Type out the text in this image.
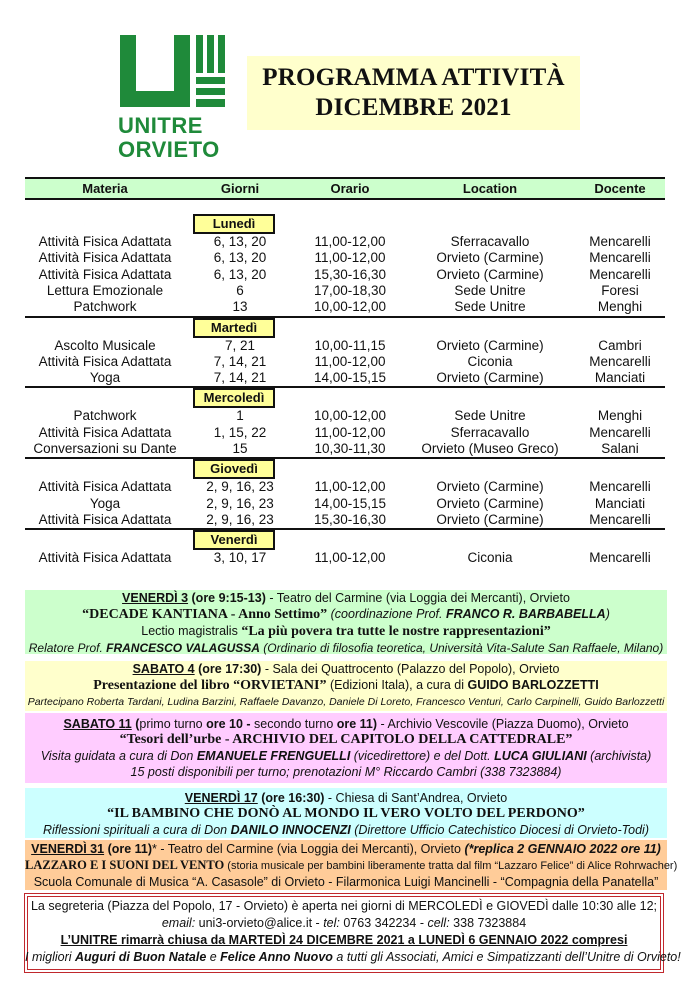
UNITRE
ORVIETO
PROGRAMMA ATTIVITÀ
DICEMBRE 2021
Materia	Giorni	Orario	Location	Docente
Lunedì
Attività Fisica Adattata	6, 13, 20	11,00-12,00	Sferracavallo	Mencarelli
Attività Fisica Adattata	6, 13, 20	11,00-12,00	Orvieto (Carmine)	Mencarelli
Attività Fisica Adattata	6, 13, 20	15,30-16,30	Orvieto (Carmine)	Mencarelli
Lettura Emozionale	6	17,00-18,30	Sede Unitre	Foresi
Patchwork	13	10,00-12,00	Sede Unitre	Menghi
Martedì
Ascolto Musicale	7, 21	10,00-11,15	Orvieto (Carmine)	Cambri
Attività Fisica Adattata	7, 14, 21	11,00-12,00	Ciconia	Mencarelli
Yoga	7, 14, 21	14,00-15,15	Orvieto (Carmine)	Manciati
Mercoledì
Patchwork	1	10,00-12,00	Sede Unitre	Menghi
Attività Fisica Adattata	1, 15, 22	11,00-12,00	Sferracavallo	Mencarelli
Conversazioni su Dante	15	10,30-11,30	Orvieto (Museo Greco)	Salani
Giovedì
Attività Fisica Adattata	2, 9, 16, 23	11,00-12,00	Orvieto (Carmine)	Mencarelli
Yoga	2, 9, 16, 23	14,00-15,15	Orvieto (Carmine)	Manciati
Attività Fisica Adattata	2, 9, 16, 23	15,30-16,30	Orvieto (Carmine)	Mencarelli
Venerdì
Attività Fisica Adattata	3, 10, 17	11,00-12,00	Ciconia	Mencarelli
VENERDÌ 3 (ore 9:15-13) - Teatro del Carmine (via Loggia dei Mercanti), Orvieto
“DECADE KANTIANA - Anno Settimo” (coordinazione Prof. FRANCO R. BARBABELLA)
Lectio magistralis “La più povera tra tutte le nostre rappresentazioni”
Relatore Prof. FRANCESCO VALAGUSSA (Ordinario di filosofia teoretica, Università Vita-Salute San Raffaele, Milano)
SABATO 4 (ore 17:30) - Sala dei Quattrocento (Palazzo del Popolo), Orvieto
Presentazione del libro “ORVIETANI” (Edizioni Itala), a cura di GUIDO BARLOZZETTI
Partecipano Roberta Tardani, Ludina Barzini, Raffaele Davanzo, Daniele Di Loreto, Francesco Venturi, Carlo Carpinelli, Guido Barlozzetti
SABATO 11 (primo turno ore 10 - secondo turno ore 11) - Archivio Vescovile (Piazza Duomo), Orvieto
“Tesori dell’urbe - ARCHIVIO DEL CAPITOLO DELLA CATTEDRALE”
Visita guidata a cura di Don EMANUELE FRENGUELLI (vicedirettore) e del Dott. LUCA GIULIANI (archivista)
15 posti disponibili per turno; prenotazioni M° Riccardo Cambri (338 7323884)
VENERDÌ 17 (ore 16:30) - Chiesa di Sant’Andrea, Orvieto
“IL BAMBINO CHE DONÒ AL MONDO IL VERO VOLTO DEL PERDONO”
Riflessioni spirituali a cura di Don DANILO INNOCENZI (Direttore Ufficio Catechistico Diocesi di Orvieto-Todi)
VENERDÌ 31 (ore 11)* - Teatro del Carmine (via Loggia dei Mercanti), Orvieto (*replica 2 GENNAIO 2022 ore 11)
LAZZARO E I SUONI DEL VENTO (storia musicale per bambini liberamente tratta dal film “Lazzaro Felice” di Alice Rohrwacher)
Scuola Comunale di Musica “A. Casasole” di Orvieto - Filarmonica Luigi Mancinelli - “Compagnia della Panatella”
La segreteria (Piazza del Popolo, 17 - Orvieto) è aperta nei giorni di MERCOLEDÌ e GIOVEDÌ dalle 10:30 alle 12;
email: uni3-orvieto@alice.it - tel: 0763 342234 - cell: 338 7323884
L’UNITRE rimarrà chiusa da MARTEDÌ 24 DICEMBRE 2021 a LUNEDÌ 6 GENNAIO 2022 compresi
I migliori Auguri di Buon Natale e Felice Anno Nuovo a tutti gli Associati, Amici e Simpatizzanti dell’Unitre di Orvieto!
